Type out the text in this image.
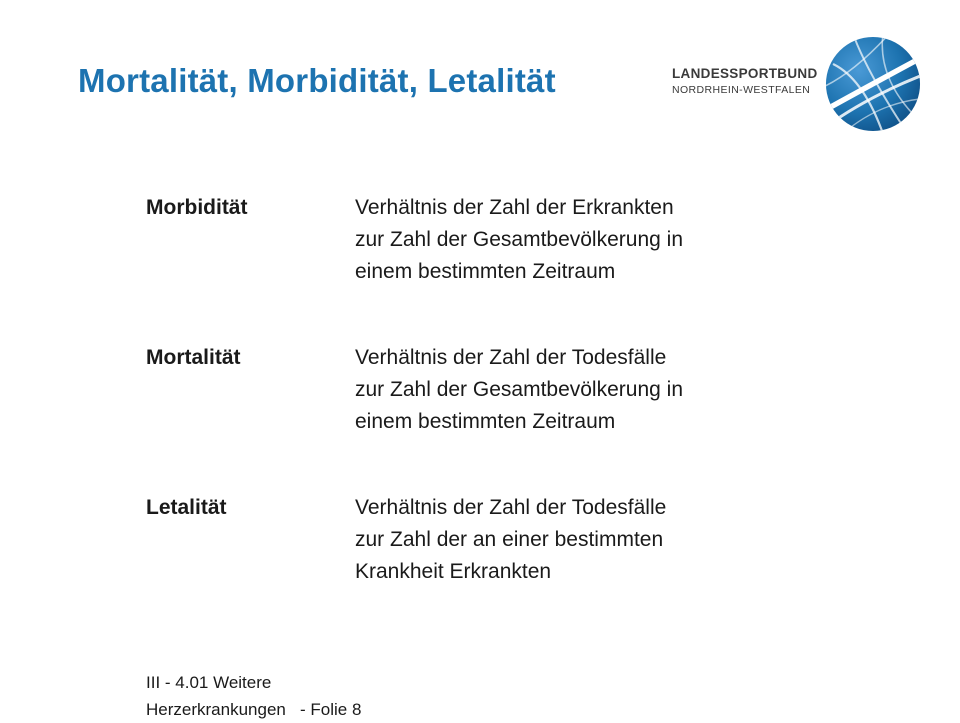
Mortalität, Morbidität, Letalität	LANDESSPORTBUND
NORDRHEIN-WESTFALEN
Morbidität	Verhältnis der Zahl der Erkrankten
zur Zahl der Gesamtbevölkerung in
einem bestimmten Zeitraum
Mortalität	Verhältnis der Zahl der Todesfälle
zur Zahl der Gesamtbevölkerung in
einem bestimmten Zeitraum
Letalität	Verhältnis der Zahl der Todesfälle
zur Zahl der an einer bestimmten
Krankheit Erkrankten
III - 4.01 Weitere
Herzerkrankungen   - Folie 8
